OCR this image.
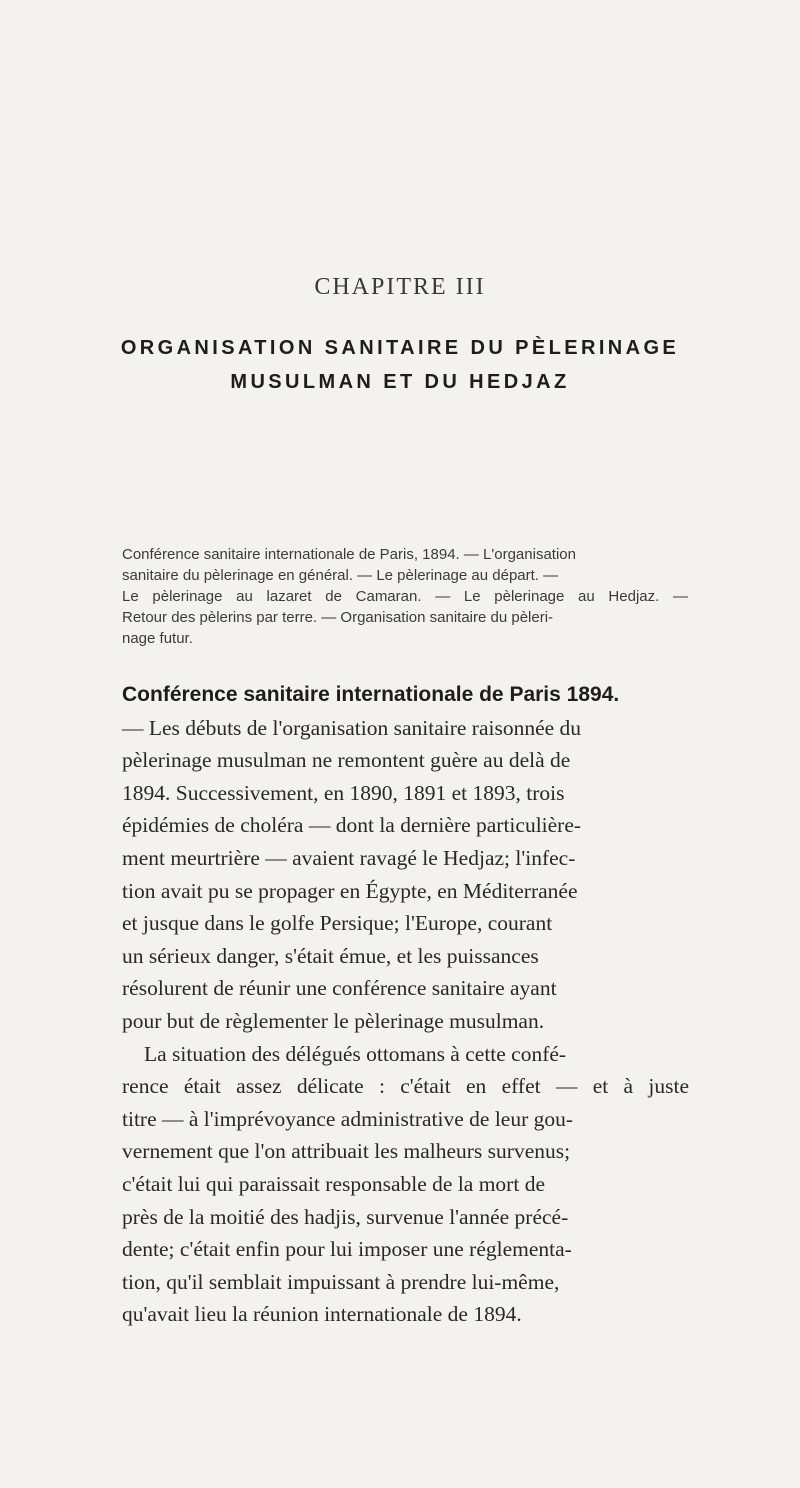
CHAPITRE III
ORGANISATION SANITAIRE DU PÈLERINAGE
MUSULMAN ET DU HEDJAZ

Conférence sanitaire internationale de Paris, 1894. — L'organisation
sanitaire du pèlerinage en général. — Le pèlerinage au départ. —
Le pèlerinage au lazaret de Camaran. — Le pèlerinage au Hedjaz. —
Retour des pèlerins par terre. — Organisation sanitaire du pèleri-
nage futur.

Conférence sanitaire internationale de Paris 1894.
— Les débuts de l'organisation sanitaire raisonnée du
pèlerinage musulman ne remontent guère au delà de
1894. Successivement, en 1890, 1891 et 1893, trois
épidémies de choléra — dont la dernière particulière-
ment meurtrière — avaient ravagé le Hedjaz; l'infec-
tion avait pu se propager en Égypte, en Méditerranée
et jusque dans le golfe Persique; l'Europe, courant
un sérieux danger, s'était émue, et les puissances
résolurent de réunir une conférence sanitaire ayant
pour but de règlementer le pèlerinage musulman.
La situation des délégués ottomans à cette confé-
rence était assez délicate : c'était en effet — et à juste
titre — à l'imprévoyance administrative de leur gou-
vernement que l'on attribuait les malheurs survenus;
c'était lui qui paraissait responsable de la mort de
près de la moitié des hadjis, survenue l'année précé-
dente; c'était enfin pour lui imposer une réglementa-
tion, qu'il semblait impuissant à prendre lui-même,
qu'avait lieu la réunion internationale de 1894.
